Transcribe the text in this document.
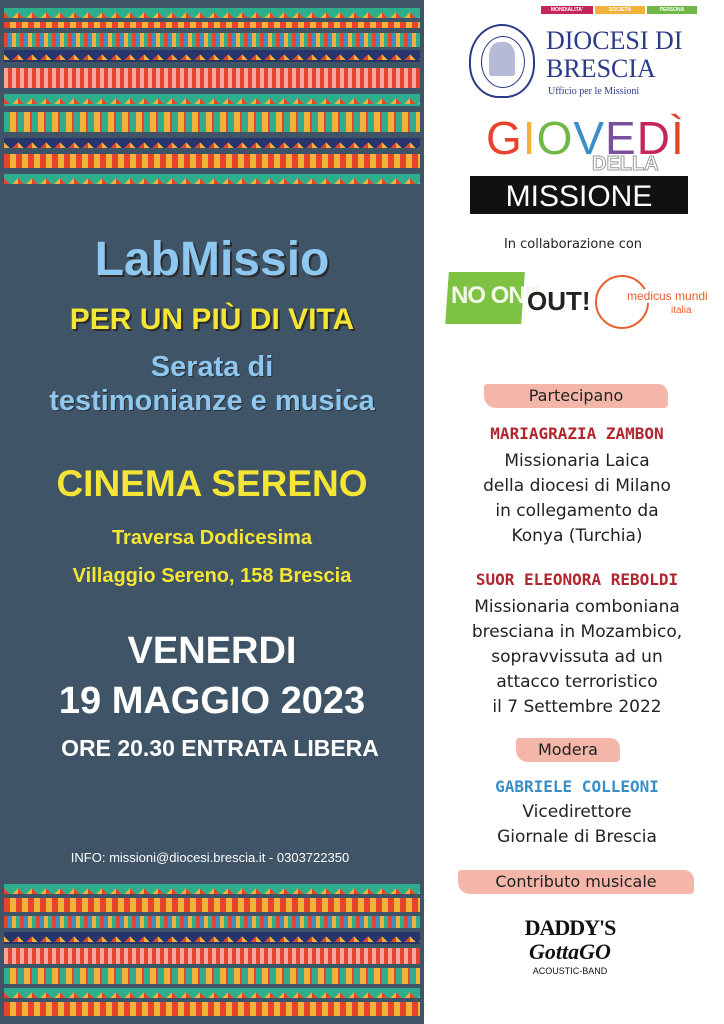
LabMissio
PER UN PIÙ DI VITA
Serata di
testimonianze e musica
CINEMA SERENO
Traversa Dodicesima
Villaggio Sereno, 158 Brescia
VENERDI
19 MAGGIO 2023
ORE 20.30 ENTRATA LIBERA
INFO: missioni@diocesi.brescia.it - 0303722350
MONDIALITA'	SOCIETÀ	PERSONA
DIOCESI DI
BRESCIA
Ufficio per le Missioni
GIOVEDÌ
DELLA
MISSIONE
In collaborazione con
NO ONE
OUT!	medicus mundi
italia
Partecipano
MARIAGRAZIA ZAMBON
Missionaria Laica
della diocesi di Milano
in collegamento da
Konya (Turchia)
SUOR ELEONORA REBOLDI
Missionaria comboniana
bresciana in Mozambico,
sopravvissuta ad un
attacco terroristico
il 7 Settembre 2022
Modera
GABRIELE COLLEONI
Vicedirettore
Giornale di Brescia
Contributo musicale
DADDY'S
GottaGO
ACOUSTIC-BAND
